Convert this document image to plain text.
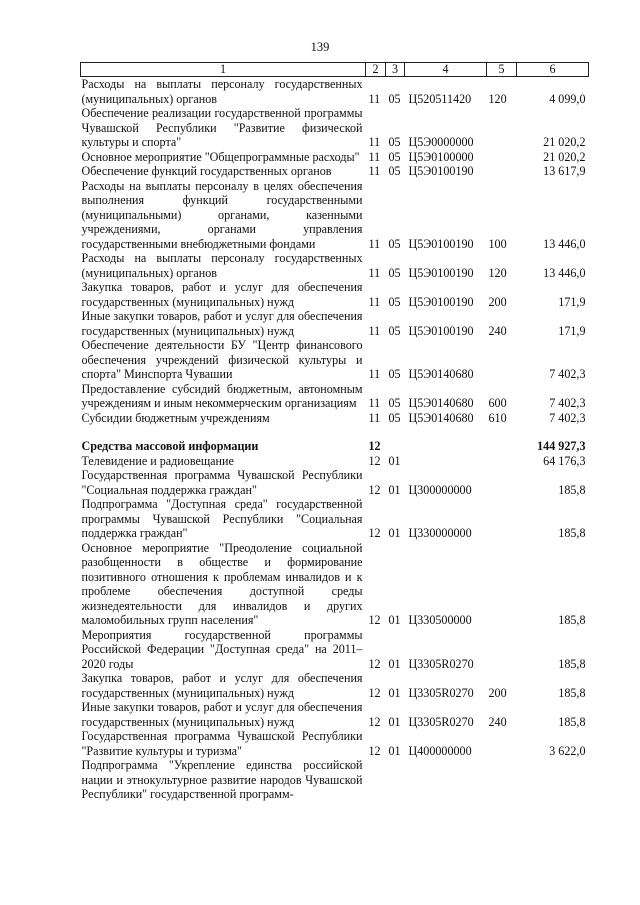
139
1	2	3	4	5	6
Расходы на выплаты персоналу государственных (муниципальных) органов	11	05	Ц520511420	120	4 099,0
Обеспечение реализации государственной программы Чувашской Республики "Развитие физической культуры и спорта"	11	05	Ц5Э0000000		21 020,2
Основное мероприятие "Общепрограммные расходы"	11	05	Ц5Э0100000		21 020,2
Обеспечение функций государственных органов	11	05	Ц5Э0100190		13 617,9
Расходы на выплаты персоналу в целях обеспечения выполнения функций государственными (муниципальными) органами, казенными учреждениями, органами управления государственными внебюджетными фондами	11	05	Ц5Э0100190	100	13 446,0
Расходы на выплаты персоналу государственных (муниципальных) органов	11	05	Ц5Э0100190	120	13 446,0
Закупка товаров, работ и услуг для обеспечения государственных (муниципальных) нужд	11	05	Ц5Э0100190	200	171,9
Иные закупки товаров, работ и услуг для обеспечения государственных (муниципальных) нужд	11	05	Ц5Э0100190	240	171,9
Обеспечение деятельности БУ "Центр финансового обеспечения учреждений физической культуры и спорта" Минспорта Чувашии	11	05	Ц5Э0140680		7 402,3
Предоставление субсидий бюджетным, автономным учреждениям и иным некоммерческим организациям	11	05	Ц5Э0140680	600	7 402,3
Субсидии бюджетным учреждениям	11	05	Ц5Э0140680	610	7 402,3

Средства массовой информации	12				144 927,3
Телевидение и радиовещание	12	01			64 176,3
Государственная программа Чувашской Республики "Социальная поддержка граждан"	12	01	Ц300000000		185,8
Подпрограмма "Доступная среда" государственной программы Чувашской Республики "Социальная поддержка граждан"	12	01	Ц330000000		185,8
Основное мероприятие "Преодоление социальной разобщенности в обществе и формирование позитивного отношения к проблемам инвалидов и к проблеме обеспечения доступной среды жизнедеятельности для инвалидов и других маломобильных групп населения"	12	01	Ц330500000		185,8
Мероприятия государственной программы Российской Федерации "Доступная среда" на 2011–2020 годы	12	01	Ц3305R0270		185,8
Закупка товаров, работ и услуг для обеспечения государственных (муниципальных) нужд	12	01	Ц3305R0270	200	185,8
Иные закупки товаров, работ и услуг для обеспечения государственных (муниципальных) нужд	12	01	Ц3305R0270	240	185,8
Государственная программа Чувашской Республики "Развитие культуры и туризма"	12	01	Ц400000000		3 622,0
Подпрограмма "Укрепление единства российской нации и этнокультурное развитие народов Чувашской Республики" государственной программ-					
